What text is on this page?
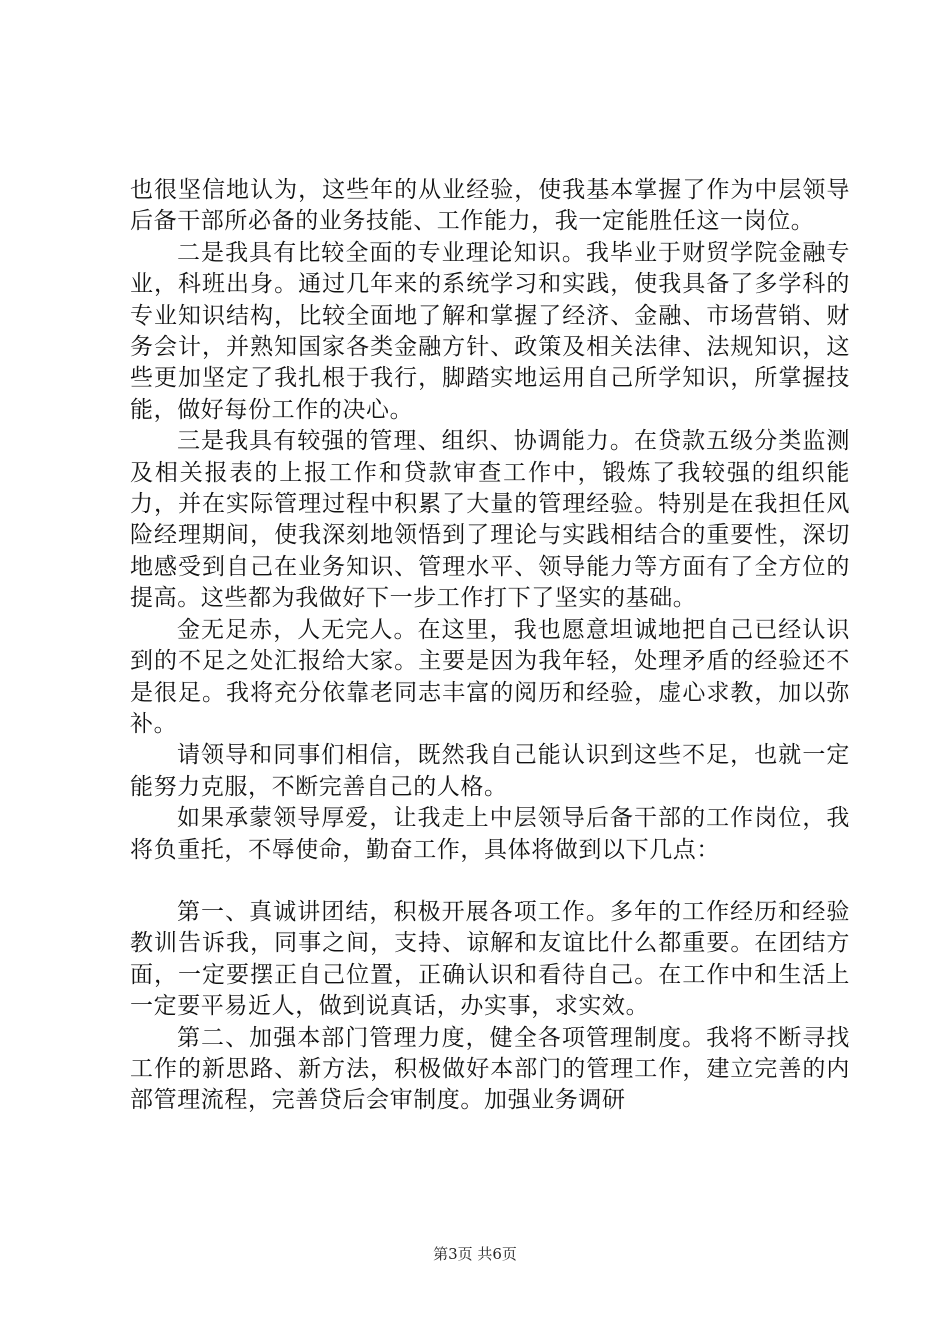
也很坚信地认为，这些年的从业经验，使我基本掌握了作为中层领导后备干部所必备的业务技能、工作能力，我一定能胜任这一岗位。

二是我具有比较全面的专业理论知识。我毕业于财贸学院金融专业，科班出身。通过几年来的系统学习和实践，使我具备了多学科的专业知识结构，比较全面地了解和掌握了经济、金融、市场营销、财务会计，并熟知国家各类金融方针、政策及相关法律、法规知识，这些更加坚定了我扎根于我行，脚踏实地运用自己所学知识，所掌握技能，做好每份工作的决心。

三是我具有较强的管理、组织、协调能力。在贷款五级分类监测及相关报表的上报工作和贷款审查工作中，锻炼了我较强的组织能力，并在实际管理过程中积累了大量的管理经验。特别是在我担任风险经理期间，使我深刻地领悟到了理论与实践相结合的重要性，深切地感受到自己在业务知识、管理水平、领导能力等方面有了全方位的提高。这些都为我做好下一步工作打下了坚实的基础。

金无足赤，人无完人。在这里，我也愿意坦诚地把自己已经认识到的不足之处汇报给大家。主要是因为我年轻，处理矛盾的经验还不是很足。我将充分依靠老同志丰富的阅历和经验，虚心求教，加以弥补。

请领导和同事们相信，既然我自己能认识到这些不足，也就一定能努力克服，不断完善自己的人格。

如果承蒙领导厚爱，让我走上中层领导后备干部的工作岗位，我将负重托，不辱使命，勤奋工作，具体将做到以下几点：

第一、真诚讲团结，积极开展各项工作。多年的工作经历和经验教训告诉我，同事之间，支持、谅解和友谊比什么都重要。在团结方面，一定要摆正自己位置，正确认识和看待自己。在工作中和生活上一定要平易近人，做到说真话，办实事，求实效。

第二、加强本部门管理力度，健全各项管理制度。我将不断寻找工作的新思路、新方法，积极做好本部门的管理工作，建立完善的内部管理流程，完善贷后会审制度。加强业务调研

第3页 共6页
